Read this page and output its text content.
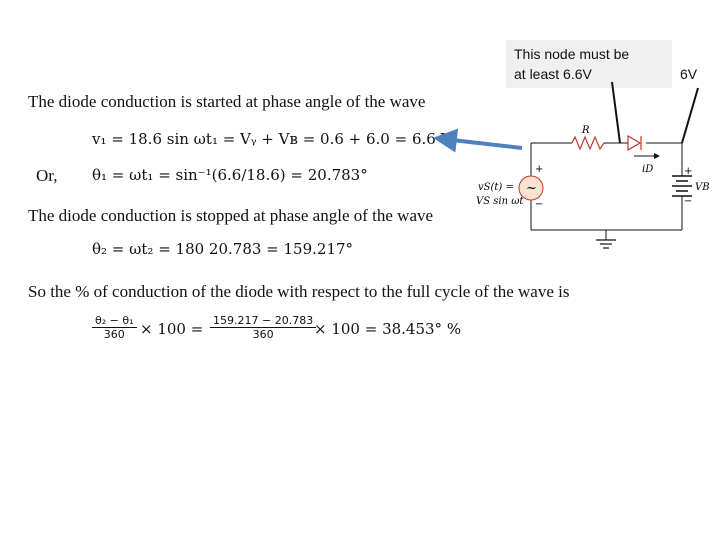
This node must be
at least 6.6V	6V
The diode conduction is started at phase angle of the wave
v₁ = 18.6 sin ωt₁ = Vᵧ + Vʙ = 0.6 + 6.0 = 6.6 V
Or, θ₁ = ωt₁ = sin⁻¹(6.6/18.6) = 20.783°
The diode conduction is stopped at phase angle of the wave
θ₂ = ωt₂ = 180 20.783 = 159.217°
So the % of conduction of the diode with respect to the full cycle of the wave is
$\frac{\text{θ₂ − θ₁}}{360} \times 100 = \frac{159.217 - 20.783}{360}$
× 100 = 38.453° %
R
iD
VB
+
−
vS(t) =
VS sin ωt
+
−
~
